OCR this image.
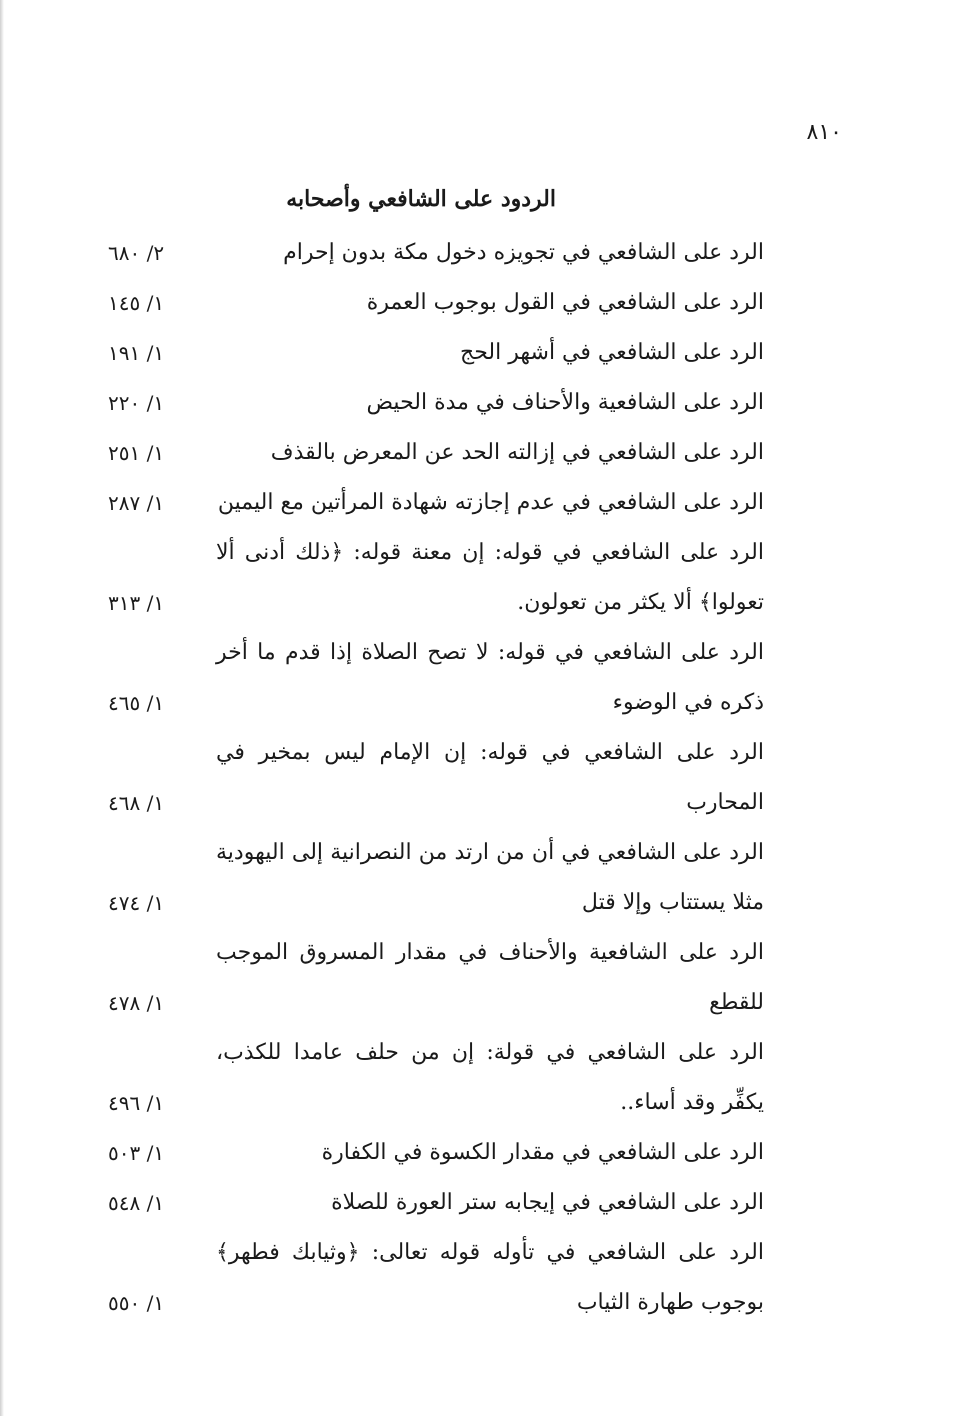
٨١٠
الردود على الشافعي وأصحابه
الرد على الشافعي في تجويزه دخول مكة بدون إحرام
٢/ ٦٨٠
الرد على الشافعي في القول بوجوب العمرة
١/ ١٤٥
الرد على الشافعي في أشهر الحج
١/ ١٩١
الرد على الشافعية والأحناف في مدة الحيض
١/ ٢٢٠
الرد على الشافعي في إزالته الحد عن المعرض بالقذف
١/ ٢٥١
الرد على الشافعي في عدم إجازته شهادة المرأتين مع اليمين
١/ ٢٨٧
الرد على الشافعي في قوله: إن معنة قوله: ﴿ذلك أدنى ألا تعولوا﴾ ألا يكثر من تعولون.
١/ ٣١٣
الرد على الشافعي في قوله: لا تصح الصلاة إذا قدم ما أخر ذكره في الوضوء
١/ ٤٦٥
الرد على الشافعي في قوله: إن الإمام ليس بمخير في المحارب
١/ ٤٦٨
الرد على الشافعي في أن من ارتد من النصرانية إلى اليهودية مثلا يستتاب وإلا قتل
١/ ٤٧٤
الرد على الشافعية والأحناف في مقدار المسروق الموجب للقطع
١/ ٤٧٨
الرد على الشافعي في قولة: إن من حلف عامدا للكذب، يكفِّر وقد أساء..
١/ ٤٩٦
الرد على الشافعي في مقدار الكسوة في الكفارة
١/ ٥٠٣
الرد على الشافعي في إيجابه ستر العورة للصلاة
١/ ٥٤٨
الرد على الشافعي في تأوله قوله تعالى: ﴿وثيابك فطهر﴾ بوجوب طهارة الثياب
١/ ٥٥٠
